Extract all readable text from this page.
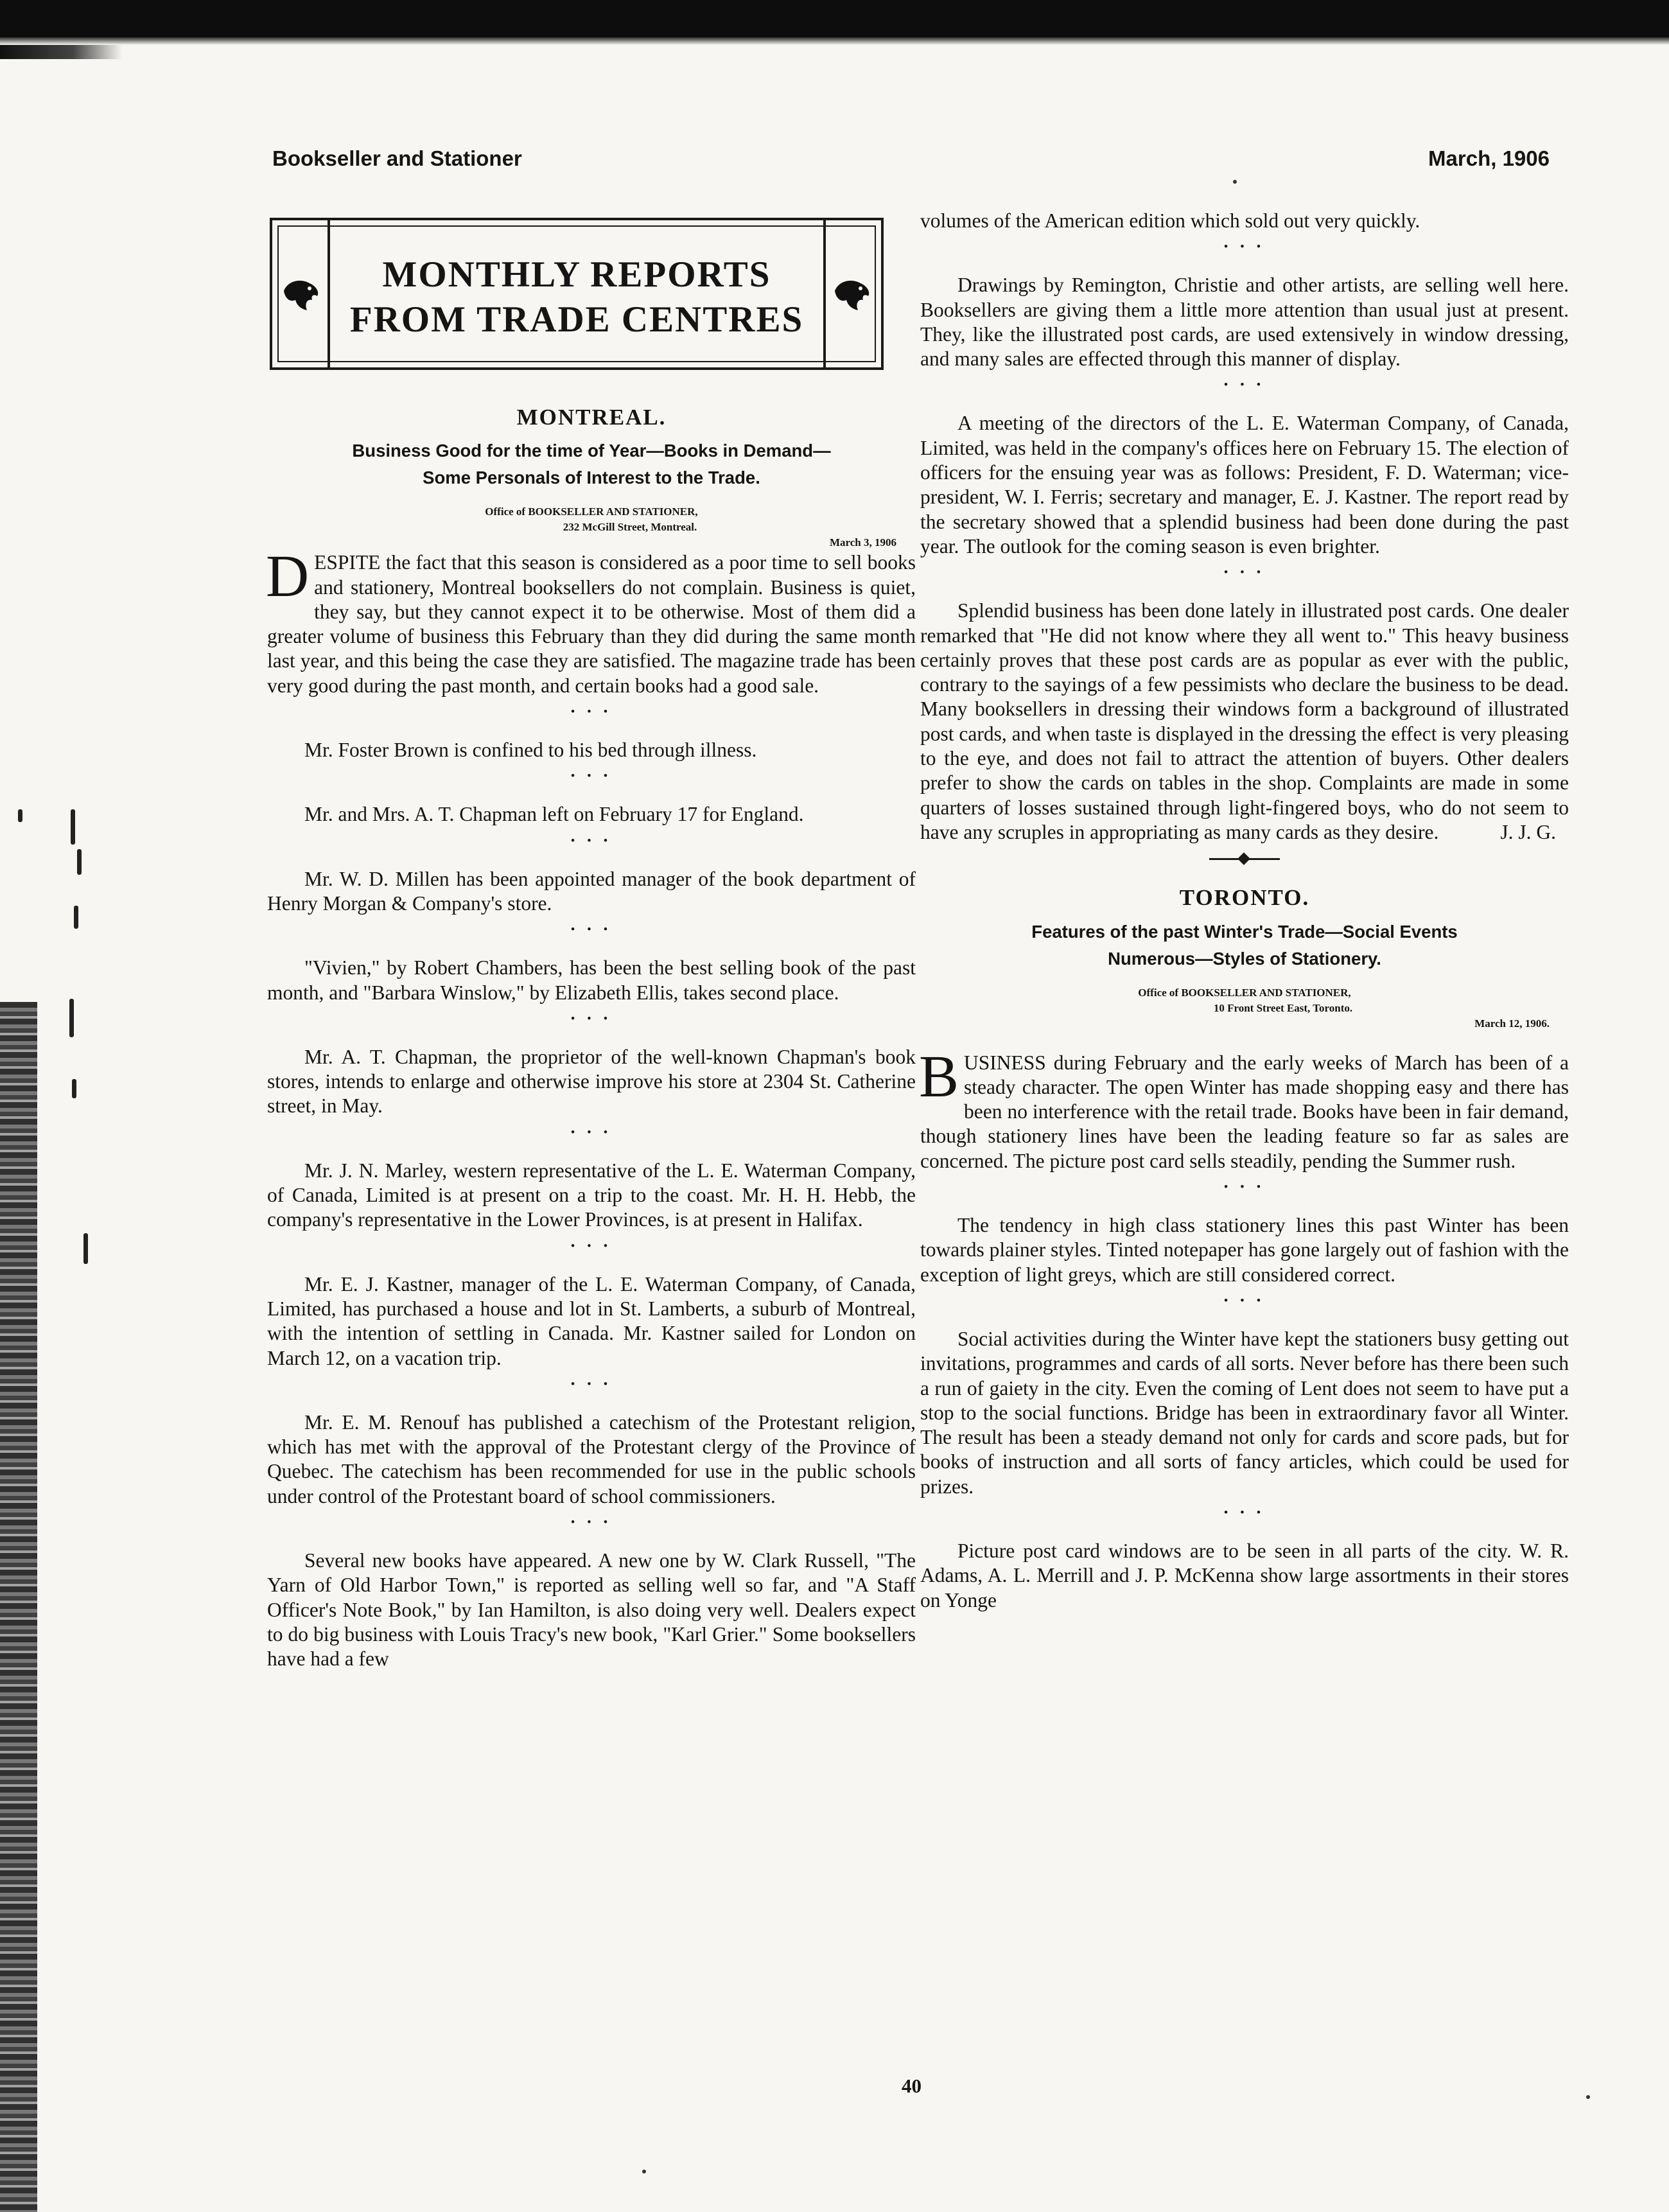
Bookseller and Stationer	March, 1906
MONTHLY REPORTS
FROM TRADE CENTRES
MONTREAL.
Business Good for the time of Year—Books in Demand—
Some Personals of Interest to the Trade.
Office of BOOKSELLER AND STATIONER,
232 McGill Street, Montreal.
March 3, 1906

DESPITE the fact that this season is considered as a poor time to sell books and stationery, Montreal booksellers do not complain. Business is quiet, they say, but they cannot expect it to be otherwise. Most of them did a greater volume of business this February than they did during the same month last year, and this being the case they are satisfied. The magazine trade has been very good during the past month, and certain books had a good sale.

• • •

Mr. Foster Brown is confined to his bed through illness.

• • •

Mr. and Mrs. A. T. Chapman left on February 17 for England.

• • •

Mr. W. D. Millen has been appointed manager of the book department of Henry Morgan & Company's store.

• • •

"Vivien," by Robert Chambers, has been the best selling book of the past month, and "Barbara Winslow," by Elizabeth Ellis, takes second place.

• • •

Mr. A. T. Chapman, the proprietor of the well-known Chapman's book stores, intends to enlarge and otherwise improve his store at 2304 St. Catherine street, in May.

• • •

Mr. J. N. Marley, western representative of the L. E. Waterman Company, of Canada, Limited is at present on a trip to the coast. Mr. H. H. Hebb, the company's representative in the Lower Provinces, is at present in Halifax.

• • •

Mr. E. J. Kastner, manager of the L. E. Waterman Company, of Canada, Limited, has purchased a house and lot in St. Lamberts, a suburb of Montreal, with the intention of settling in Canada. Mr. Kastner sailed for London on March 12, on a vacation trip.

• • •

Mr. E. M. Renouf has published a catechism of the Protestant religion, which has met with the approval of the Protestant clergy of the Province of Quebec. The catechism has been recommended for use in the public schools under control of the Protestant board of school commissioners.

• • •

Several new books have appeared. A new one by W. Clark Russell, "The Yarn of Old Harbor Town," is reported as selling well so far, and "A Staff Officer's Note Book," by Ian Hamilton, is also doing very well. Dealers expect to do big business with Louis Tracy's new book, "Karl Grier." Some booksellers have had a few

volumes of the American edition which sold out very quickly.

• • •

Drawings by Remington, Christie and other artists, are selling well here. Booksellers are giving them a little more attention than usual just at present. They, like the illustrated post cards, are used extensively in window dressing, and many sales are effected through this manner of display.

• • •

A meeting of the directors of the L. E. Waterman Company, of Canada, Limited, was held in the company's offices here on February 15. The election of officers for the ensuing year was as follows: President, F. D. Waterman; vice-president, W. I. Ferris; secretary and manager, E. J. Kastner. The report read by the secretary showed that a splendid business had been done during the past year. The outlook for the coming season is even brighter.

• • •

Splendid business has been done lately in illustrated post cards. One dealer remarked that "He did not know where they all went to." This heavy business certainly proves that these post cards are as popular as ever with the public, contrary to the sayings of a few pessimists who declare the business to be dead. Many booksellers in dressing their windows form a background of illustrated post cards, and when taste is displayed in the dressing the effect is very pleasing to the eye, and does not fail to attract the attention of buyers. Other dealers prefer to show the cards on tables in the shop. Complaints are made in some quarters of losses sustained through light-fingered boys, who do not seem to have any scruples in appropriating as many cards as they desire.	J. J. G.

TORONTO.
Features of the past Winter's Trade—Social Events
Numerous—Styles of Stationery.
Office of BOOKSELLER AND STATIONER,
10 Front Street East, Toronto.
March 12, 1906.

BUSINESS during February and the early weeks of March has been of a steady character. The open Winter has made shopping easy and there has been no interference with the retail trade. Books have been in fair demand, though stationery lines have been the leading feature so far as sales are concerned. The picture post card sells steadily, pending the Summer rush.

• • •

The tendency in high class stationery lines this past Winter has been towards plainer styles. Tinted notepaper has gone largely out of fashion with the exception of light greys, which are still considered correct.

• • •

Social activities during the Winter have kept the stationers busy getting out invitations, programmes and cards of all sorts. Never before has there been such a run of gaiety in the city. Even the coming of Lent does not seem to have put a stop to the social functions. Bridge has been in extraordinary favor all Winter. The result has been a steady demand not only for cards and score pads, but for books of instruction and all sorts of fancy articles, which could be used for prizes.

• • •

Picture post card windows are to be seen in all parts of the city. W. R. Adams, A. L. Merrill and J. P. McKenna show large assortments in their stores on Yonge

40
